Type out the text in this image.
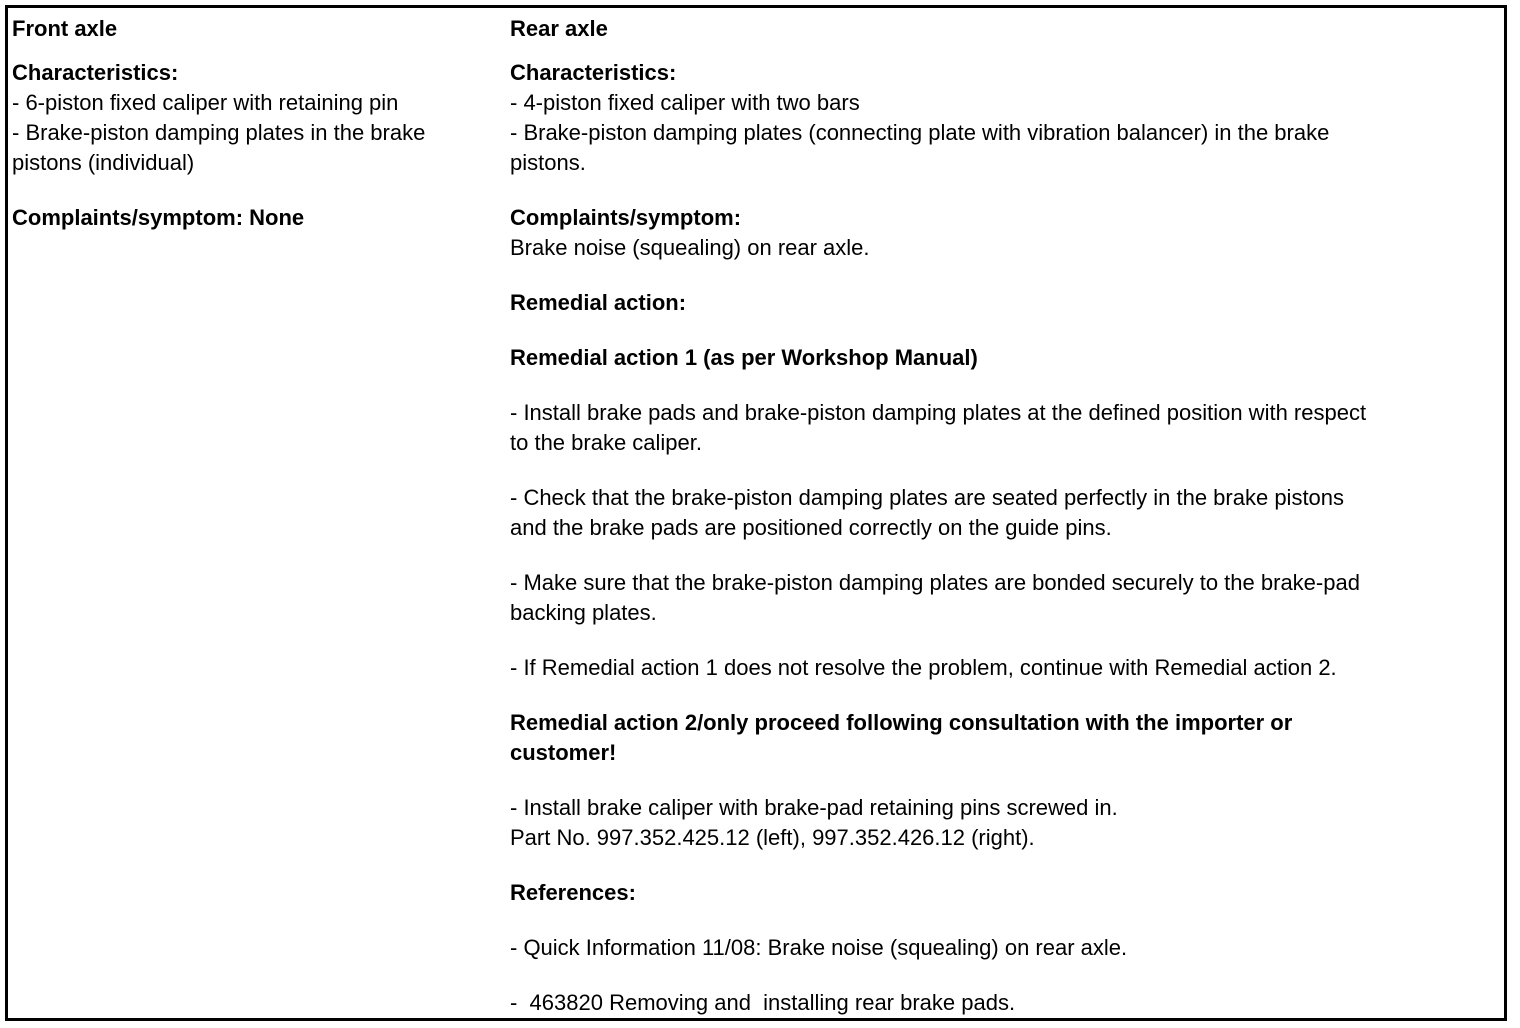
Front axle
Characteristics:
- 6-piston fixed caliper with retaining pin
- Brake-piston damping plates in the brake
pistons (individual)
Complaints/symptom: None
Rear axle
Characteristics:
- 4-piston fixed caliper with two bars
- Brake-piston damping plates (connecting plate with vibration balancer) in the brake
pistons.
Complaints/symptom:
Brake noise (squealing) on rear axle.
Remedial action:
Remedial action 1 (as per Workshop Manual)
- Install brake pads and brake-piston damping plates at the defined position with respect
to the brake caliper.
- Check that the brake-piston damping plates are seated perfectly in the brake pistons
and the brake pads are positioned correctly on the guide pins.
- Make sure that the brake-piston damping plates are bonded securely to the brake-pad
backing plates.
- If Remedial action 1 does not resolve the problem, continue with Remedial action 2.
Remedial action 2/only proceed following consultation with the importer or
customer!
- Install brake caliper with brake-pad retaining pins screwed in.
Part No. 997.352.425.12 (left), 997.352.426.12 (right).
References:
- Quick Information 11/08: Brake noise (squealing) on rear axle.
-  463820 Removing and  installing rear brake pads.
